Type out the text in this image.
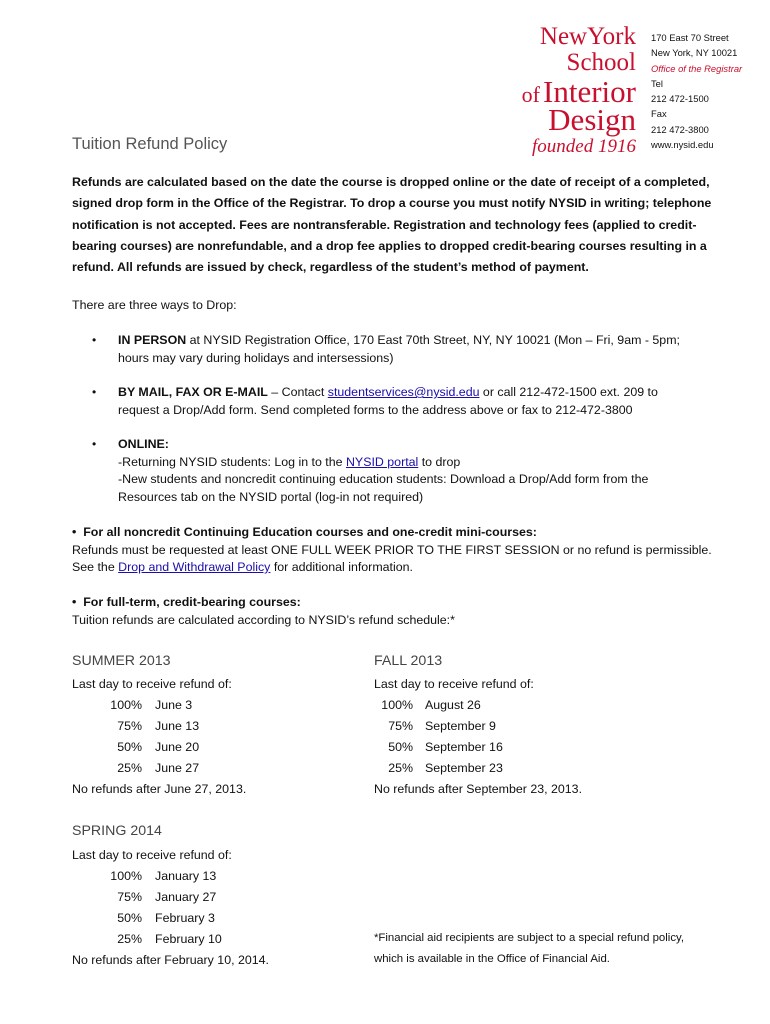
NewYork
School
of Interior
Design
founded 1916
170 East 70 Street
New York, NY 10021
Office of the Registrar
Tel
212 472-1500
Fax
212 472-3800
www.nysid.edu
Tuition Refund Policy
Refunds are calculated based on the date the course is dropped online or the date of receipt of a completed, signed drop form in the Office of the Registrar. To drop a course you must notify NYSID in writing; telephone notification is not accepted. Fees are nontransferable. Registration and technology fees (applied to credit-bearing courses) are nonrefundable, and a drop fee applies to dropped credit-bearing courses resulting in a refund. All refunds are issued by check, regardless of the student’s method of payment.
There are three ways to Drop:
• IN PERSON at NYSID Registration Office, 170 East 70th Street, NY, NY 10021 (Mon – Fri, 9am - 5pm;
hours may vary during holidays and intersessions)
• BY MAIL, FAX OR E-MAIL – Contact studentservices@nysid.edu or call 212-472-1500 ext. 209 to
request a Drop/Add form. Send completed forms to the address above or fax to 212-472-3800
• ONLINE:
-Returning NYSID students: Log in to the NYSID portal to drop
-New students and noncredit continuing education students: Download a Drop/Add form from the
Resources tab on the NYSID portal (log-in not required)
• For all noncredit Continuing Education courses and one-credit mini-courses:
Refunds must be requested at least ONE FULL WEEK PRIOR TO THE FIRST SESSION or no refund is permissible.
See the Drop and Withdrawal Policy for additional information.
• For full-term, credit-bearing courses:
Tuition refunds are calculated according to NYSID’s refund schedule:*
SUMMER 2013
Last day to receive refund of:
100% June 3
75% June 13
50% June 20
25% June 27
No refunds after June 27, 2013.
FALL 2013
Last day to receive refund of:
100% August 26
75% September 9
50% September 16
25% September 23
No refunds after September 23, 2013.
SPRING 2014
Last day to receive refund of:
100% January 13
75% January 27
50% February 3
25% February 10
No refunds after February 10, 2014.
*Financial aid recipients are subject to a special refund policy,
which is available in the Office of Financial Aid.
